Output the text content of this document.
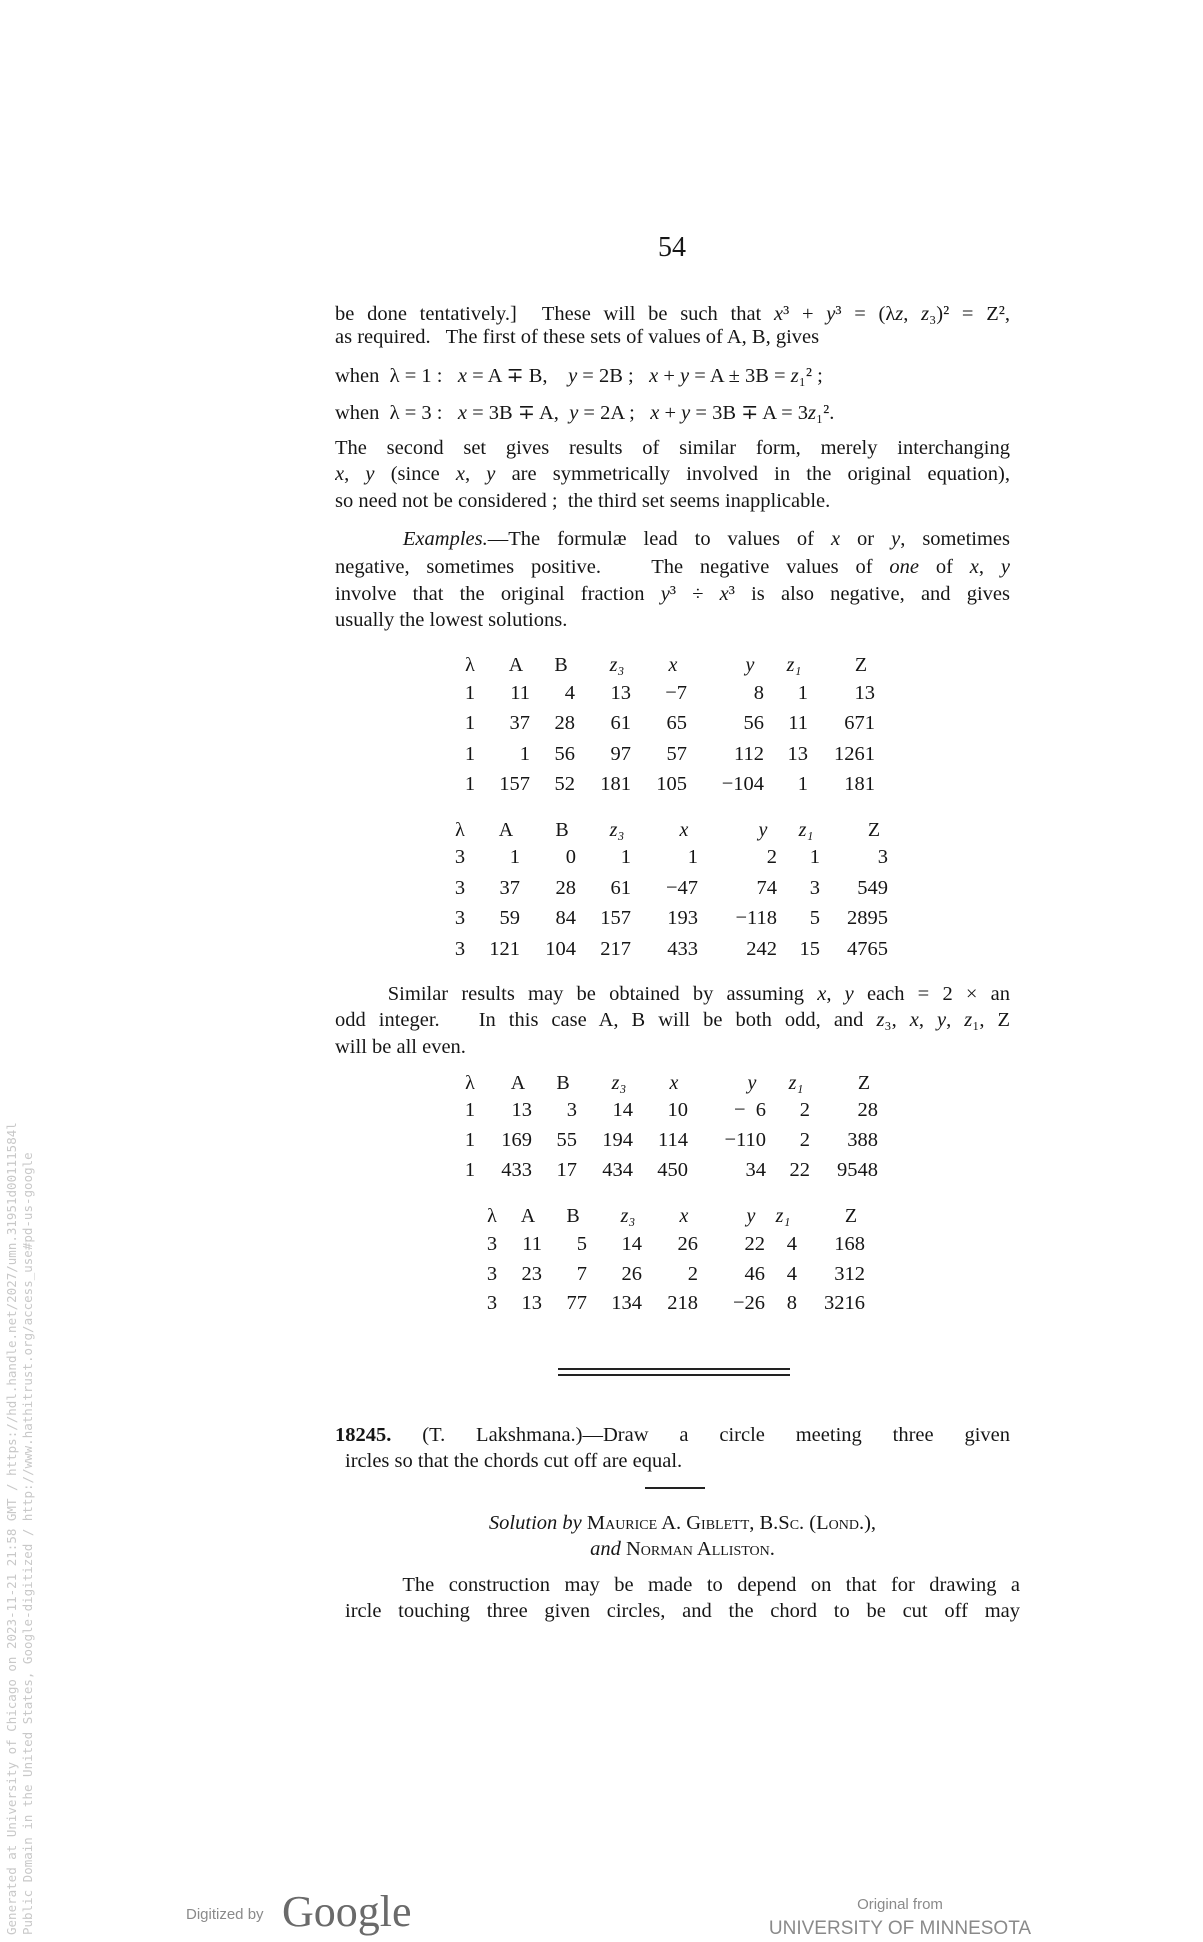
54
be done tentatively.]  These will be such that x³ + y³ = (λz, z₃)² = Z²,
as required.   The first of these sets of values of A, B, gives
when  λ = 1 :   x = A ∓ B,    y = 2B ;   x + y = A ± 3B = z₁² ;
when  λ = 3 :   x = 3B ∓ A,  y = 2A ;   x + y = 3B ∓ A = 3z₁².
The second set gives results of similar form, merely interchanging
x, y (since x, y are symmetrically involved in the original equation),
so need not be considered ;  the third set seems inapplicable.
Examples.—The formulæ lead to values of x or y, sometimes
negative, sometimes positive.   The negative values of one of x, y
involve that the original fraction y³ ÷ x³ is also negative, and gives
usually the lowest solutions.
λ	A	B	z₃	x	y	z₁	Z
1	11	4	13	−7	8	1	13
1	37	28	61	65	56	11	671
1	1	56	97	57	112	13	1261
1	157	52	181	105	−104	1	181
λ	A	B	z₃	x	y	z₁	Z
3	1	0	1	1	2	1	3
3	37	28	61	−47	74	3	549
3	59	84	157	193	−118	5	2895
3	121	104	217	433	242	15	4765
λ	A	B	z₃	x	y	z₁	Z
1	13	3	14	10	−  6	2	28
1	169	55	194	114	−110	2	388
1	433	17	434	450	34	22	9548
λ	A	B	z₃	x	y	z₁	Z
3	11	5	14	26	22	4	168
3	23	7	26	2	46	4	312
3	13	77	134	218	−26	8	3216
Similar results may be obtained by assuming x, y each = 2 × an
odd integer.   In this case A, B will be both odd, and z₃, x, y, z₁, Z
will be all even.
18245. (T. Lakshmana.)—Draw a circle meeting three given
ircles so that the chords cut off are equal.
Solution by Maurice A. Giblett, B.Sc. (Lond.),
and Norman Alliston.
The construction may be made to depend on that for drawing a
ircle touching three given circles, and the chord to be cut off may
Generated at University of Chicago on 2023-11-21 21:58 GMT / https://hdl.handle.net/2027/umn.31951d00111584l Public Domain in the United States, Google-digitized / http://www.hathitrust.org/access_use#pd-us-google	Digitized by Google	Original from
UNIVERSITY OF MINNESOTA
